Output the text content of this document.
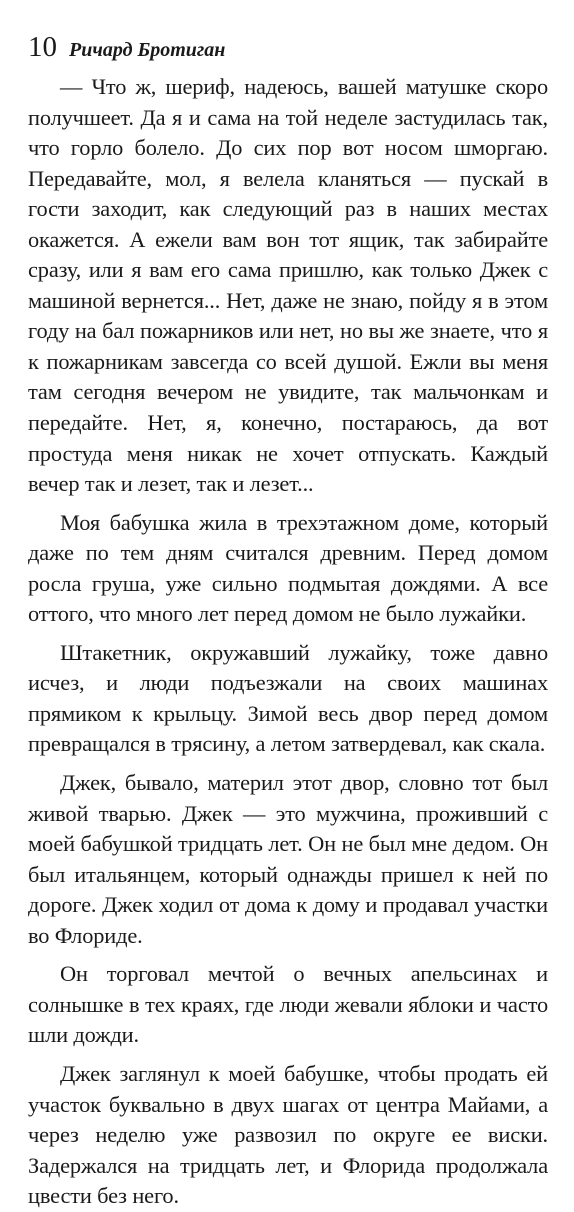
10 Ричард Бротиган

— Что ж, шериф, надеюсь, вашей матушке скоро получшеет. Да я и сама на той неделе застудилась так, что горло болело. До сих пор вот носом шморгаю. Передавайте, мол, я велела кланяться — пускай в гости заходит, как следующий раз в наших местах окажется. А ежели вам вон тот ящик, так забирайте сразу, или я вам его сама пришлю, как только Джек с машиной вернется... Нет, даже не знаю, пойду я в этом году на бал пожарников или нет, но вы же знаете, что я к пожарникам завсегда со всей душой. Ежли вы меня там сегодня вечером не увидите, так мальчонкам и передайте. Нет, я, конечно, постараюсь, да вот простуда меня никак не хочет отпускать. Каждый вечер так и лезет, так и лезет...

Моя бабушка жила в трехэтажном доме, который даже по тем дням считался древним. Перед домом росла груша, уже сильно подмытая дождями. А все оттого, что много лет перед домом не было лужайки.

Штакетник, окружавший лужайку, тоже давно исчез, и люди подъезжали на своих машинах прямиком к крыльцу. Зимой весь двор перед домом превращался в трясину, а летом затвердевал, как скала.

Джек, бывало, материл этот двор, словно тот был живой тварью. Джек — это мужчина, проживший с моей бабушкой тридцать лет. Он не был мне дедом. Он был итальянцем, который однажды пришел к ней по дороге. Джек ходил от дома к дому и продавал участки во Флориде.

Он торговал мечтой о вечных апельсинах и солнышке в тех краях, где люди жевали яблоки и часто шли дожди.

Джек заглянул к моей бабушке, чтобы продать ей участок буквально в двух шагах от центра Майами, а через неделю уже развозил по округе ее виски. Задержался на тридцать лет, и Флорида продолжала цвести без него.
